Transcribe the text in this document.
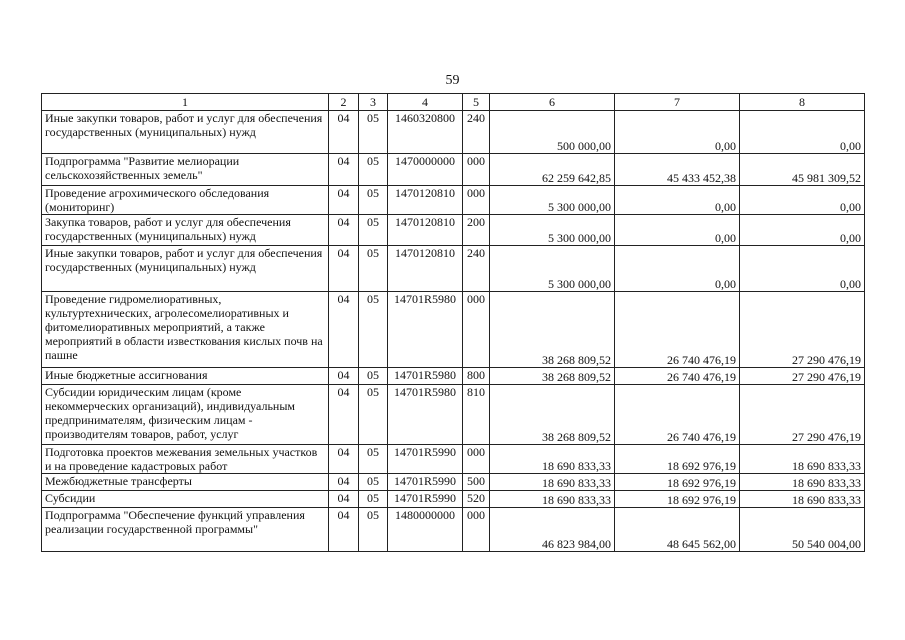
59
1	2	3	4	5	6	7	8
Иные закупки товаров, работ и услуг для обеспечения государственных (муниципальных) нужд	04	05	1460320800	240	500 000,00	0,00	0,00
Подпрограмма "Развитие мелиорации сельскохозяйственных земель"	04	05	1470000000	000	62 259 642,85	45 433 452,38	45 981 309,52
Проведение агрохимического обследования (мониторинг)	04	05	1470120810	000	5 300 000,00	0,00	0,00
Закупка товаров, работ и услуг для обеспечения государственных (муниципальных) нужд	04	05	1470120810	200	5 300 000,00	0,00	0,00
Иные закупки товаров, работ и услуг для обеспечения государственных (муниципальных) нужд	04	05	1470120810	240	5 300 000,00	0,00	0,00
Проведение гидромелиоративных, культуртехнических, агролесомелиоративных и фитомелиоративных мероприятий, а также мероприятий в области известкования кислых почв на пашне	04	05	14701R5980	000	38 268 809,52	26 740 476,19	27 290 476,19
Иные бюджетные ассигнования	04	05	14701R5980	800	38 268 809,52	26 740 476,19	27 290 476,19
Субсидии юридическим лицам (кроме некоммерческих организаций), индивидуальным предпринимателям, физическим лицам - производителям товаров, работ, услуг	04	05	14701R5980	810	38 268 809,52	26 740 476,19	27 290 476,19
Подготовка проектов межевания земельных участков и на проведение кадастровых работ	04	05	14701R5990	000	18 690 833,33	18 692 976,19	18 690 833,33
Межбюджетные трансферты	04	05	14701R5990	500	18 690 833,33	18 692 976,19	18 690 833,33
Субсидии	04	05	14701R5990	520	18 690 833,33	18 692 976,19	18 690 833,33
Подпрограмма "Обеспечение функций управления реализации государственной программы"	04	05	1480000000	000	46 823 984,00	48 645 562,00	50 540 004,00
